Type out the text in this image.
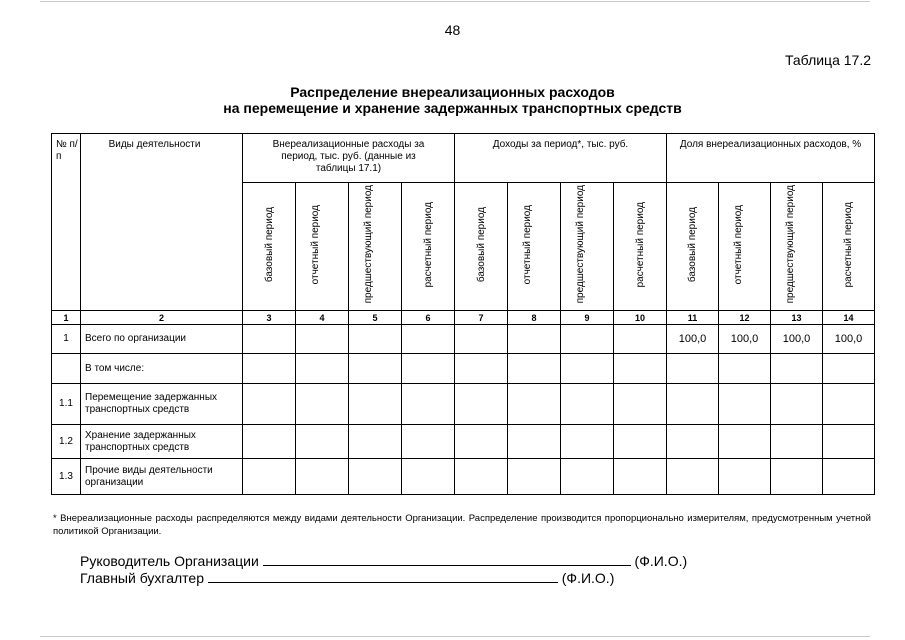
48
Таблица 17.2
Распределение внереализационных расходов
на перемещение и хранение задержанных транспортных средств
№ п/п	Виды деятельности	Внереализационные расходы за период, тыс. руб. (данные из таблицы 17.1)				Доходы за период*, тыс. руб.				Доля внереализационных расходов, %			
		базовый период	отчетный период	предшествующий период	расчетный период	базовый период	отчетный период	предшествующий период	расчетный период	базовый период	отчетный период	предшествующий период	расчетный период
1	2	3	4	5	6	7	8	9	10	11	12	13	14
1	Всего по организации									100,0	100,0	100,0	100,0
	В том числе:												
1.1	Перемещение задержанных транспортных средств												
1.2	Хранение задержанных транспортных средств												
1.3	Прочие виды деятельности организации												
* Внереализационные расходы распределяются между видами деятельности Организации. Распределение производится пропорционально измерителям, предусмотренным учетной политикой Организации.
Руководитель Организации	(Ф.И.О.)
Главный бухгалтер	(Ф.И.О.)
